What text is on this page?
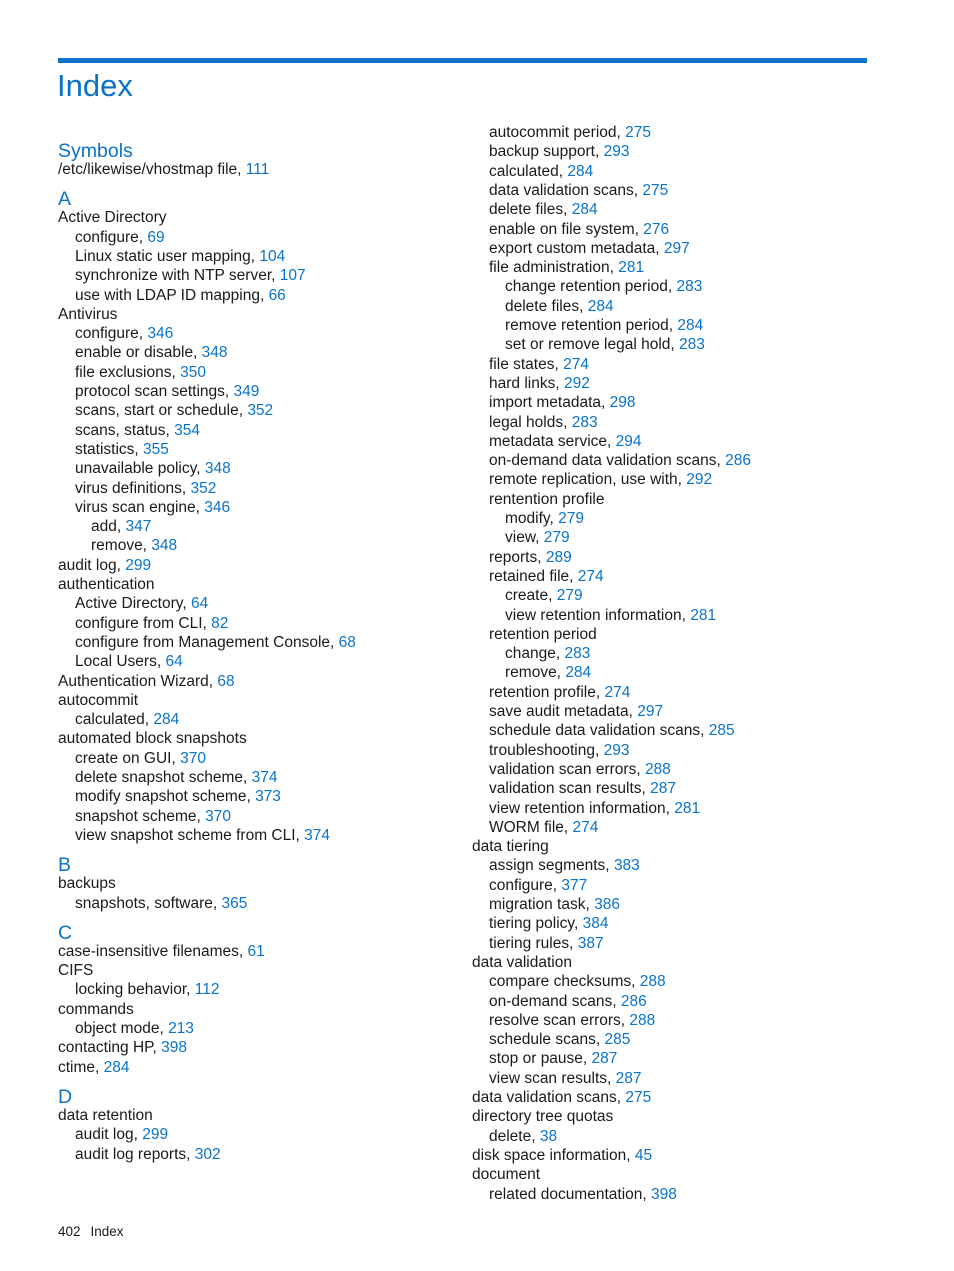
Index
Symbols
/etc/likewise/vhostmap file, 111
A
Active Directory
configure, 69
Linux static user mapping, 104
synchronize with NTP server, 107
use with LDAP ID mapping, 66
Antivirus
configure, 346
enable or disable, 348
file exclusions, 350
protocol scan settings, 349
scans, start or schedule, 352
scans, status, 354
statistics, 355
unavailable policy, 348
virus definitions, 352
virus scan engine, 346
add, 347
remove, 348
audit log, 299
authentication
Active Directory, 64
configure from CLI, 82
configure from Management Console, 68
Local Users, 64
Authentication Wizard, 68
autocommit
calculated, 284
automated block snapshots
create on GUI, 370
delete snapshot scheme, 374
modify snapshot scheme, 373
snapshot scheme, 370
view snapshot scheme from CLI, 374
B
backups
snapshots, software, 365
C
case-insensitive filenames, 61
CIFS
locking behavior, 112
commands
object mode, 213
contacting HP, 398
ctime, 284
D
data retention
audit log, 299
audit log reports, 302
autocommit period, 275
backup support, 293
calculated, 284
data validation scans, 275
delete files, 284
enable on file system, 276
export custom metadata, 297
file administration, 281
change retention period, 283
delete files, 284
remove retention period, 284
set or remove legal hold, 283
file states, 274
hard links, 292
import metadata, 298
legal holds, 283
metadata service, 294
on-demand data validation scans, 286
remote replication, use with, 292
rentention profile
modify, 279
view, 279
reports, 289
retained file, 274
create, 279
view retention information, 281
retention period
change, 283
remove, 284
retention profile, 274
save audit metadata, 297
schedule data validation scans, 285
troubleshooting, 293
validation scan errors, 288
validation scan results, 287
view retention information, 281
WORM file, 274
data tiering
assign segments, 383
configure, 377
migration task, 386
tiering policy, 384
tiering rules, 387
data validation
compare checksums, 288
on-demand scans, 286
resolve scan errors, 288
schedule scans, 285
stop or pause, 287
view scan results, 287
data validation scans, 275
directory tree quotas
delete, 38
disk space information, 45
document
related documentation, 398
402 Index
